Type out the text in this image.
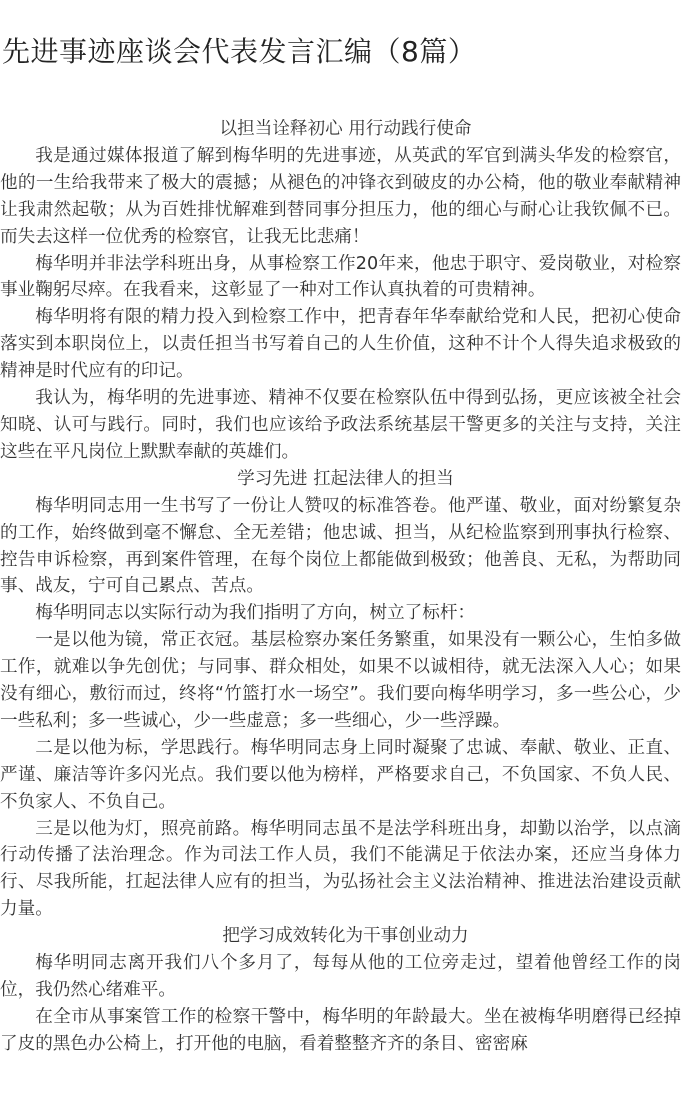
先进事迹座谈会代表发言汇编（8篇）

以担当诠释初心 用行动践行使命

我是通过媒体报道了解到梅华明的先进事迹，从英武的军官到满头华发的检察官，他的一生给我带来了极大的震撼；从褪色的冲锋衣到破皮的办公椅，他的敬业奉献精神让我肃然起敬；从为百姓排忧解难到替同事分担压力，他的细心与耐心让我钦佩不已。而失去这样一位优秀的检察官，让我无比悲痛！

梅华明并非法学科班出身，从事检察工作20年来，他忠于职守、爱岗敬业，对检察事业鞠躬尽瘁。在我看来，这彰显了一种对工作认真执着的可贵精神。

梅华明将有限的精力投入到检察工作中，把青春年华奉献给党和人民，把初心使命落实到本职岗位上，以责任担当书写着自己的人生价值，这种不计个人得失追求极致的精神是时代应有的印记。

我认为，梅华明的先进事迹、精神不仅要在检察队伍中得到弘扬，更应该被全社会知晓、认可与践行。同时，我们也应该给予政法系统基层干警更多的关注与支持，关注这些在平凡岗位上默默奉献的英雄们。

学习先进 扛起法律人的担当

梅华明同志用一生书写了一份让人赞叹的标准答卷。他严谨、敬业，面对纷繁复杂的工作，始终做到毫不懈怠、全无差错；他忠诚、担当，从纪检监察到刑事执行检察、控告申诉检察，再到案件管理，在每个岗位上都能做到极致；他善良、无私，为帮助同事、战友，宁可自己累点、苦点。

梅华明同志以实际行动为我们指明了方向，树立了标杆：

一是以他为镜，常正衣冠。基层检察办案任务繁重，如果没有一颗公心，生怕多做工作，就难以争先创优；与同事、群众相处，如果不以诚相待，就无法深入人心；如果没有细心，敷衍而过，终将“竹篮打水一场空”。我们要向梅华明学习，多一些公心，少一些私利；多一些诚心，少一些虚意；多一些细心，少一些浮躁。

二是以他为标，学思践行。梅华明同志身上同时凝聚了忠诚、奉献、敬业、正直、严谨、廉洁等许多闪光点。我们要以他为榜样，严格要求自己，不负国家、不负人民、不负家人、不负自己。

三是以他为灯，照亮前路。梅华明同志虽不是法学科班出身，却勤以治学，以点滴行动传播了法治理念。作为司法工作人员，我们不能满足于依法办案，还应当身体力行、尽我所能，扛起法律人应有的担当，为弘扬社会主义法治精神、推进法治建设贡献力量。

把学习成效转化为干事创业动力

梅华明同志离开我们八个多月了，每每从他的工位旁走过，望着他曾经工作的岗位，我仍然心绪难平。

在全市从事案管工作的检察干警中，梅华明的年龄最大。坐在被梅华明磨得已经掉了皮的黑色办公椅上，打开他的电脑，看着整整齐齐的条目、密密麻
